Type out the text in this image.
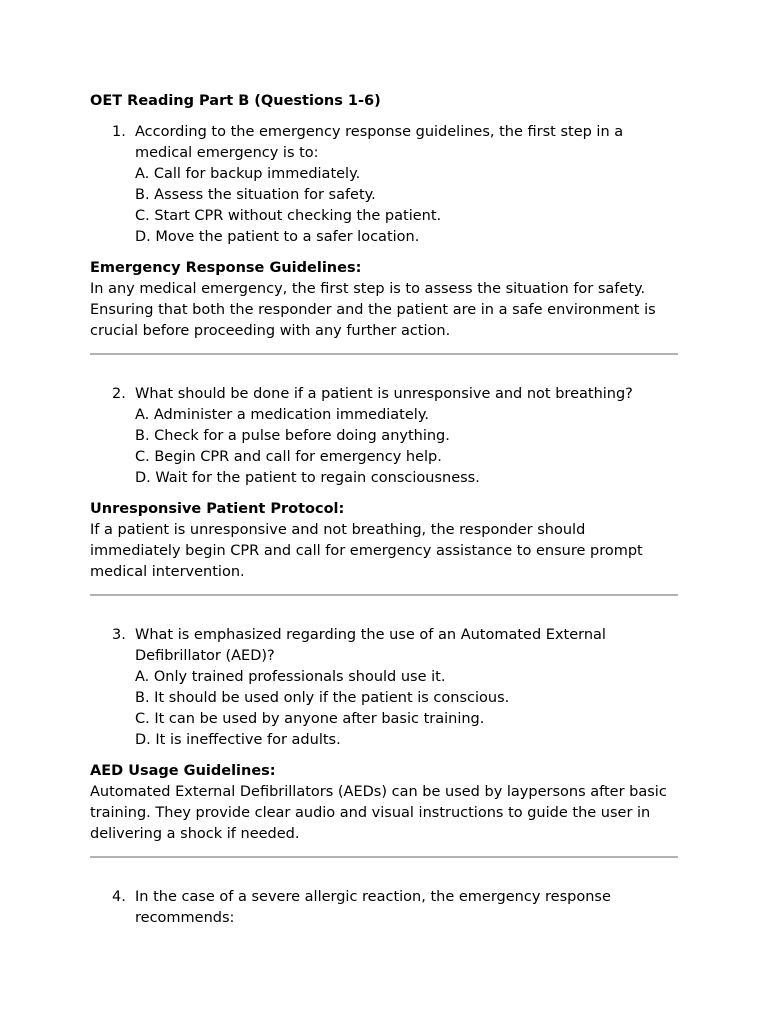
OET Reading Part B (Questions 1-6)
1. According to the emergency response guidelines, the first step in a medical emergency is to:

A. Call for backup immediately.

B. Assess the situation for safety.

C. Start CPR without checking the patient.

D. Move the patient to a safer location.

Emergency Response Guidelines:

In any medical emergency, the first step is to assess the situation for safety. Ensuring that both the responder and the patient are in a safe environment is crucial before proceeding with any further action.

2. What should be done if a patient is unresponsive and not breathing?

A. Administer a medication immediately.

B. Check for a pulse before doing anything.

C. Begin CPR and call for emergency help.

D. Wait for the patient to regain consciousness.

Unresponsive Patient Protocol:

If a patient is unresponsive and not breathing, the responder should immediately begin CPR and call for emergency assistance to ensure prompt medical intervention.

3. What is emphasized regarding the use of an Automated External Defibrillator (AED)?

A. Only trained professionals should use it.

B. It should be used only if the patient is conscious.

C. It can be used by anyone after basic training.

D. It is ineffective for adults.

AED Usage Guidelines:

Automated External Defibrillators (AEDs) can be used by laypersons after basic training. They provide clear audio and visual instructions to guide the user in delivering a shock if needed.

4. In the case of a severe allergic reaction, the emergency response recommends:
